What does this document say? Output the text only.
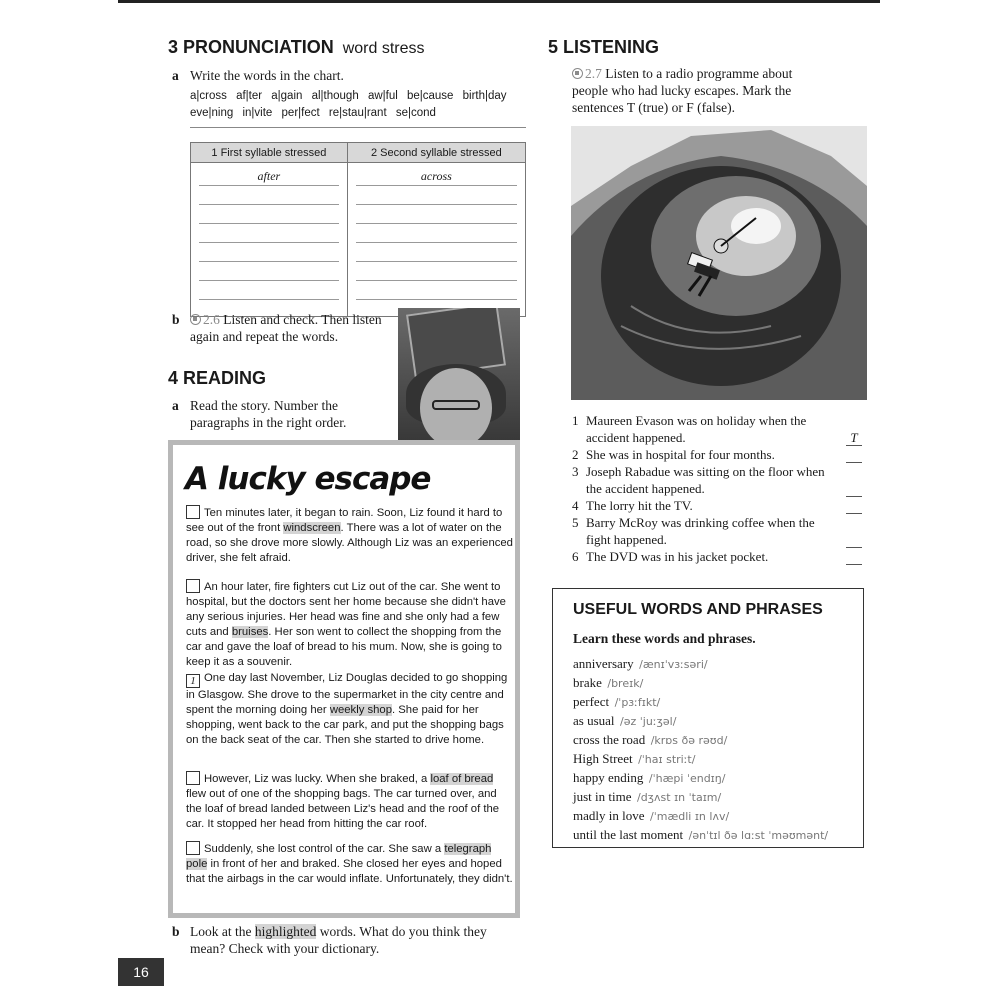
3 PRONUNCIATION word stress
a Write the words in the chart.
a|cross af|ter a|gain al|though aw|ful be|cause birth|day eve|ning in|vite per|fect re|stau|rant se|cond
1 First syllable stressed	2 Second syllable stressed

after	across
b 2.6 Listen and check. Then listen again and repeat the words.
4 READING
a Read the story. Number the paragraphs in the right order.
A lucky escape
Ten minutes later, it began to rain. Soon, Liz found it hard to see out of the front windscreen. There was a lot of water on the road, so she drove more slowly. Although Liz was an experienced driver, she felt afraid.
An hour later, fire fighters cut Liz out of the car. She went to hospital, but the doctors sent her home because she didn't have any serious injuries. Her head was fine and she only had a few cuts and bruises. Her son went to collect the shopping from the car and gave the loaf of bread to his mum. Now, she is going to keep it as a souvenir.
1 One day last November, Liz Douglas decided to go shopping in Glasgow. She drove to the supermarket in the city centre and spent the morning doing her weekly shop. She paid for her shopping, went back to the car park, and put the shopping bags on the back seat of the car. Then she started to drive home.
However, Liz was lucky. When she braked, a loaf of bread flew out of one of the shopping bags. The car turned over, and the loaf of bread landed between Liz's head and the roof of the car. It stopped her head from hitting the car roof.
Suddenly, she lost control of the car. She saw a telegraph pole in front of her and braked. She closed her eyes and hoped that the airbags in the car would inflate. Unfortunately, they didn't.
b Look at the highlighted words. What do you think they mean? Check with your dictionary.
16
5 LISTENING
2.7 Listen to a radio programme about people who had lucky escapes. Mark the sentences T (true) or F (false).
1 Maureen Evason was on holiday when the accident happened.	T
2 She was in hospital for four months.
3 Joseph Rabadue was sitting on the floor when the accident happened.
4 The lorry hit the TV.
5 Barry McRoy was drinking coffee when the fight happened.
6 The DVD was in his jacket pocket.
USEFUL WORDS AND PHRASES
Learn these words and phrases.
anniversary /ænɪˈvɜːsəri/
brake /breɪk/
perfect /ˈpɜːfɪkt/
as usual /əz ˈjuːʒəl/
cross the road /krɒs ðə rəʊd/
High Street /ˈhaɪ striːt/
happy ending /ˈhæpi ˈendɪŋ/
just in time /dʒʌst ɪn ˈtaɪm/
madly in love /ˈmædli ɪn lʌv/
until the last moment /ənˈtɪl ðə lɑːst ˈməʊmənt/
